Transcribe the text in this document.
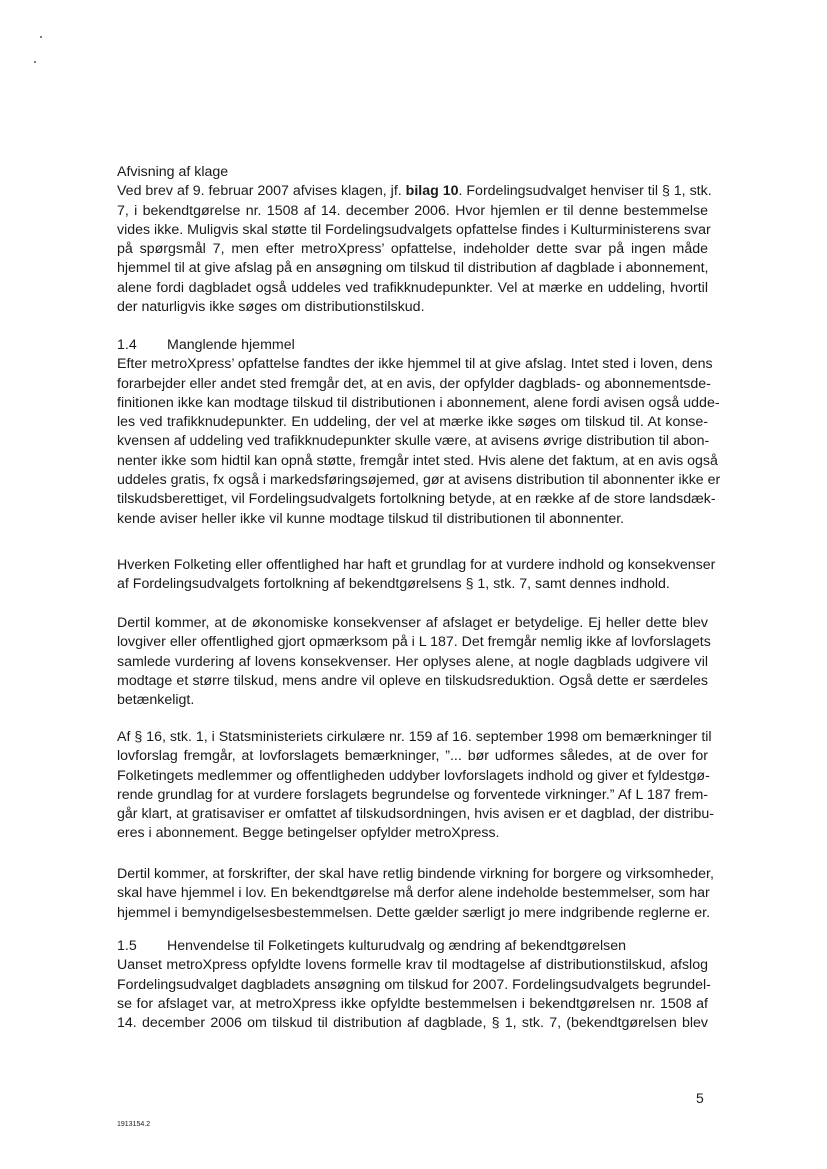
Afvisning af klage
Ved brev af 9. februar 2007 afvises klagen, jf. bilag 10. Fordelingsudvalget henviser til § 1, stk.
7, i bekendtgørelse nr. 1508 af 14. december 2006. Hvor hjemlen er til denne bestemmelse
vides ikke. Muligvis skal støtte til Fordelingsudvalgets opfattelse findes i Kulturministerens svar
på spørgsmål 7, men efter metroXpress’ opfattelse, indeholder dette svar på ingen måde
hjemmel til at give afslag på en ansøgning om tilskud til distribution af dagblade i abonnement,
alene fordi dagbladet også uddeles ved trafikknudepunkter. Vel at mærke en uddeling, hvortil
der naturligvis ikke søges om distributionstilskud.
1.4 Manglende hjemmel
Efter metroXpress’ opfattelse fandtes der ikke hjemmel til at give afslag. Intet sted i loven, dens
forarbejder eller andet sted fremgår det, at en avis, der opfylder dagblads- og abonnementsde-
finitionen ikke kan modtage tilskud til distributionen i abonnement, alene fordi avisen også udde-
les ved trafikknudepunkter. En uddeling, der vel at mærke ikke søges om tilskud til. At konse-
kvensen af uddeling ved trafikknudepunkter skulle være, at avisens øvrige distribution til abon-
nenter ikke som hidtil kan opnå støtte, fremgår intet sted. Hvis alene det faktum, at en avis også
uddeles gratis, fx også i markedsføringsøjemed, gør at avisens distribution til abonnenter ikke er
tilskudsberettiget, vil Fordelingsudvalgets fortolkning betyde, at en række af de store landsdæk-
kende aviser heller ikke vil kunne modtage tilskud til distributionen til abonnenter.
Hverken Folketing eller offentlighed har haft et grundlag for at vurdere indhold og konsekvenser
af Fordelingsudvalgets fortolkning af bekendtgørelsens § 1, stk. 7, samt dennes indhold.
Dertil kommer, at de økonomiske konsekvenser af afslaget er betydelige. Ej heller dette blev
lovgiver eller offentlighed gjort opmærksom på i L 187. Det fremgår nemlig ikke af lovforslagets
samlede vurdering af lovens konsekvenser. Her oplyses alene, at nogle dagblads udgivere vil
modtage et større tilskud, mens andre vil opleve en tilskudsreduktion. Også dette er særdeles
betænkeligt.
Af § 16, stk. 1, i Statsministeriets cirkulære nr. 159 af 16. september 1998 om bemærkninger til
lovforslag fremgår, at lovforslagets bemærkninger, ”... bør udformes således, at de over for
Folketingets medlemmer og offentligheden uddyber lovforslagets indhold og giver et fyldestgø-
rende grundlag for at vurdere forslagets begrundelse og forventede virkninger.” Af L 187 frem-
går klart, at gratisaviser er omfattet af tilskudsordningen, hvis avisen er et dagblad, der distribu-
eres i abonnement. Begge betingelser opfylder metroXpress.
Dertil kommer, at forskrifter, der skal have retlig bindende virkning for borgere og virksomheder,
skal have hjemmel i lov. En bekendtgørelse må derfor alene indeholde bestemmelser, som har
hjemmel i bemyndigelsesbestemmelsen. Dette gælder særligt jo mere indgribende reglerne er.
1.5 Henvendelse til Folketingets kulturudvalg og ændring af bekendtgørelsen
Uanset metroXpress opfyldte lovens formelle krav til modtagelse af distributionstilskud, afslog
Fordelingsudvalget dagbladets ansøgning om tilskud for 2007. Fordelingsudvalgets begrundel-
se for afslaget var, at metroXpress ikke opfyldte bestemmelsen i bekendtgørelsen nr. 1508 af
14. december 2006 om tilskud til distribution af dagblade, § 1, stk. 7, (bekendtgørelsen blev
5
1913154.2
